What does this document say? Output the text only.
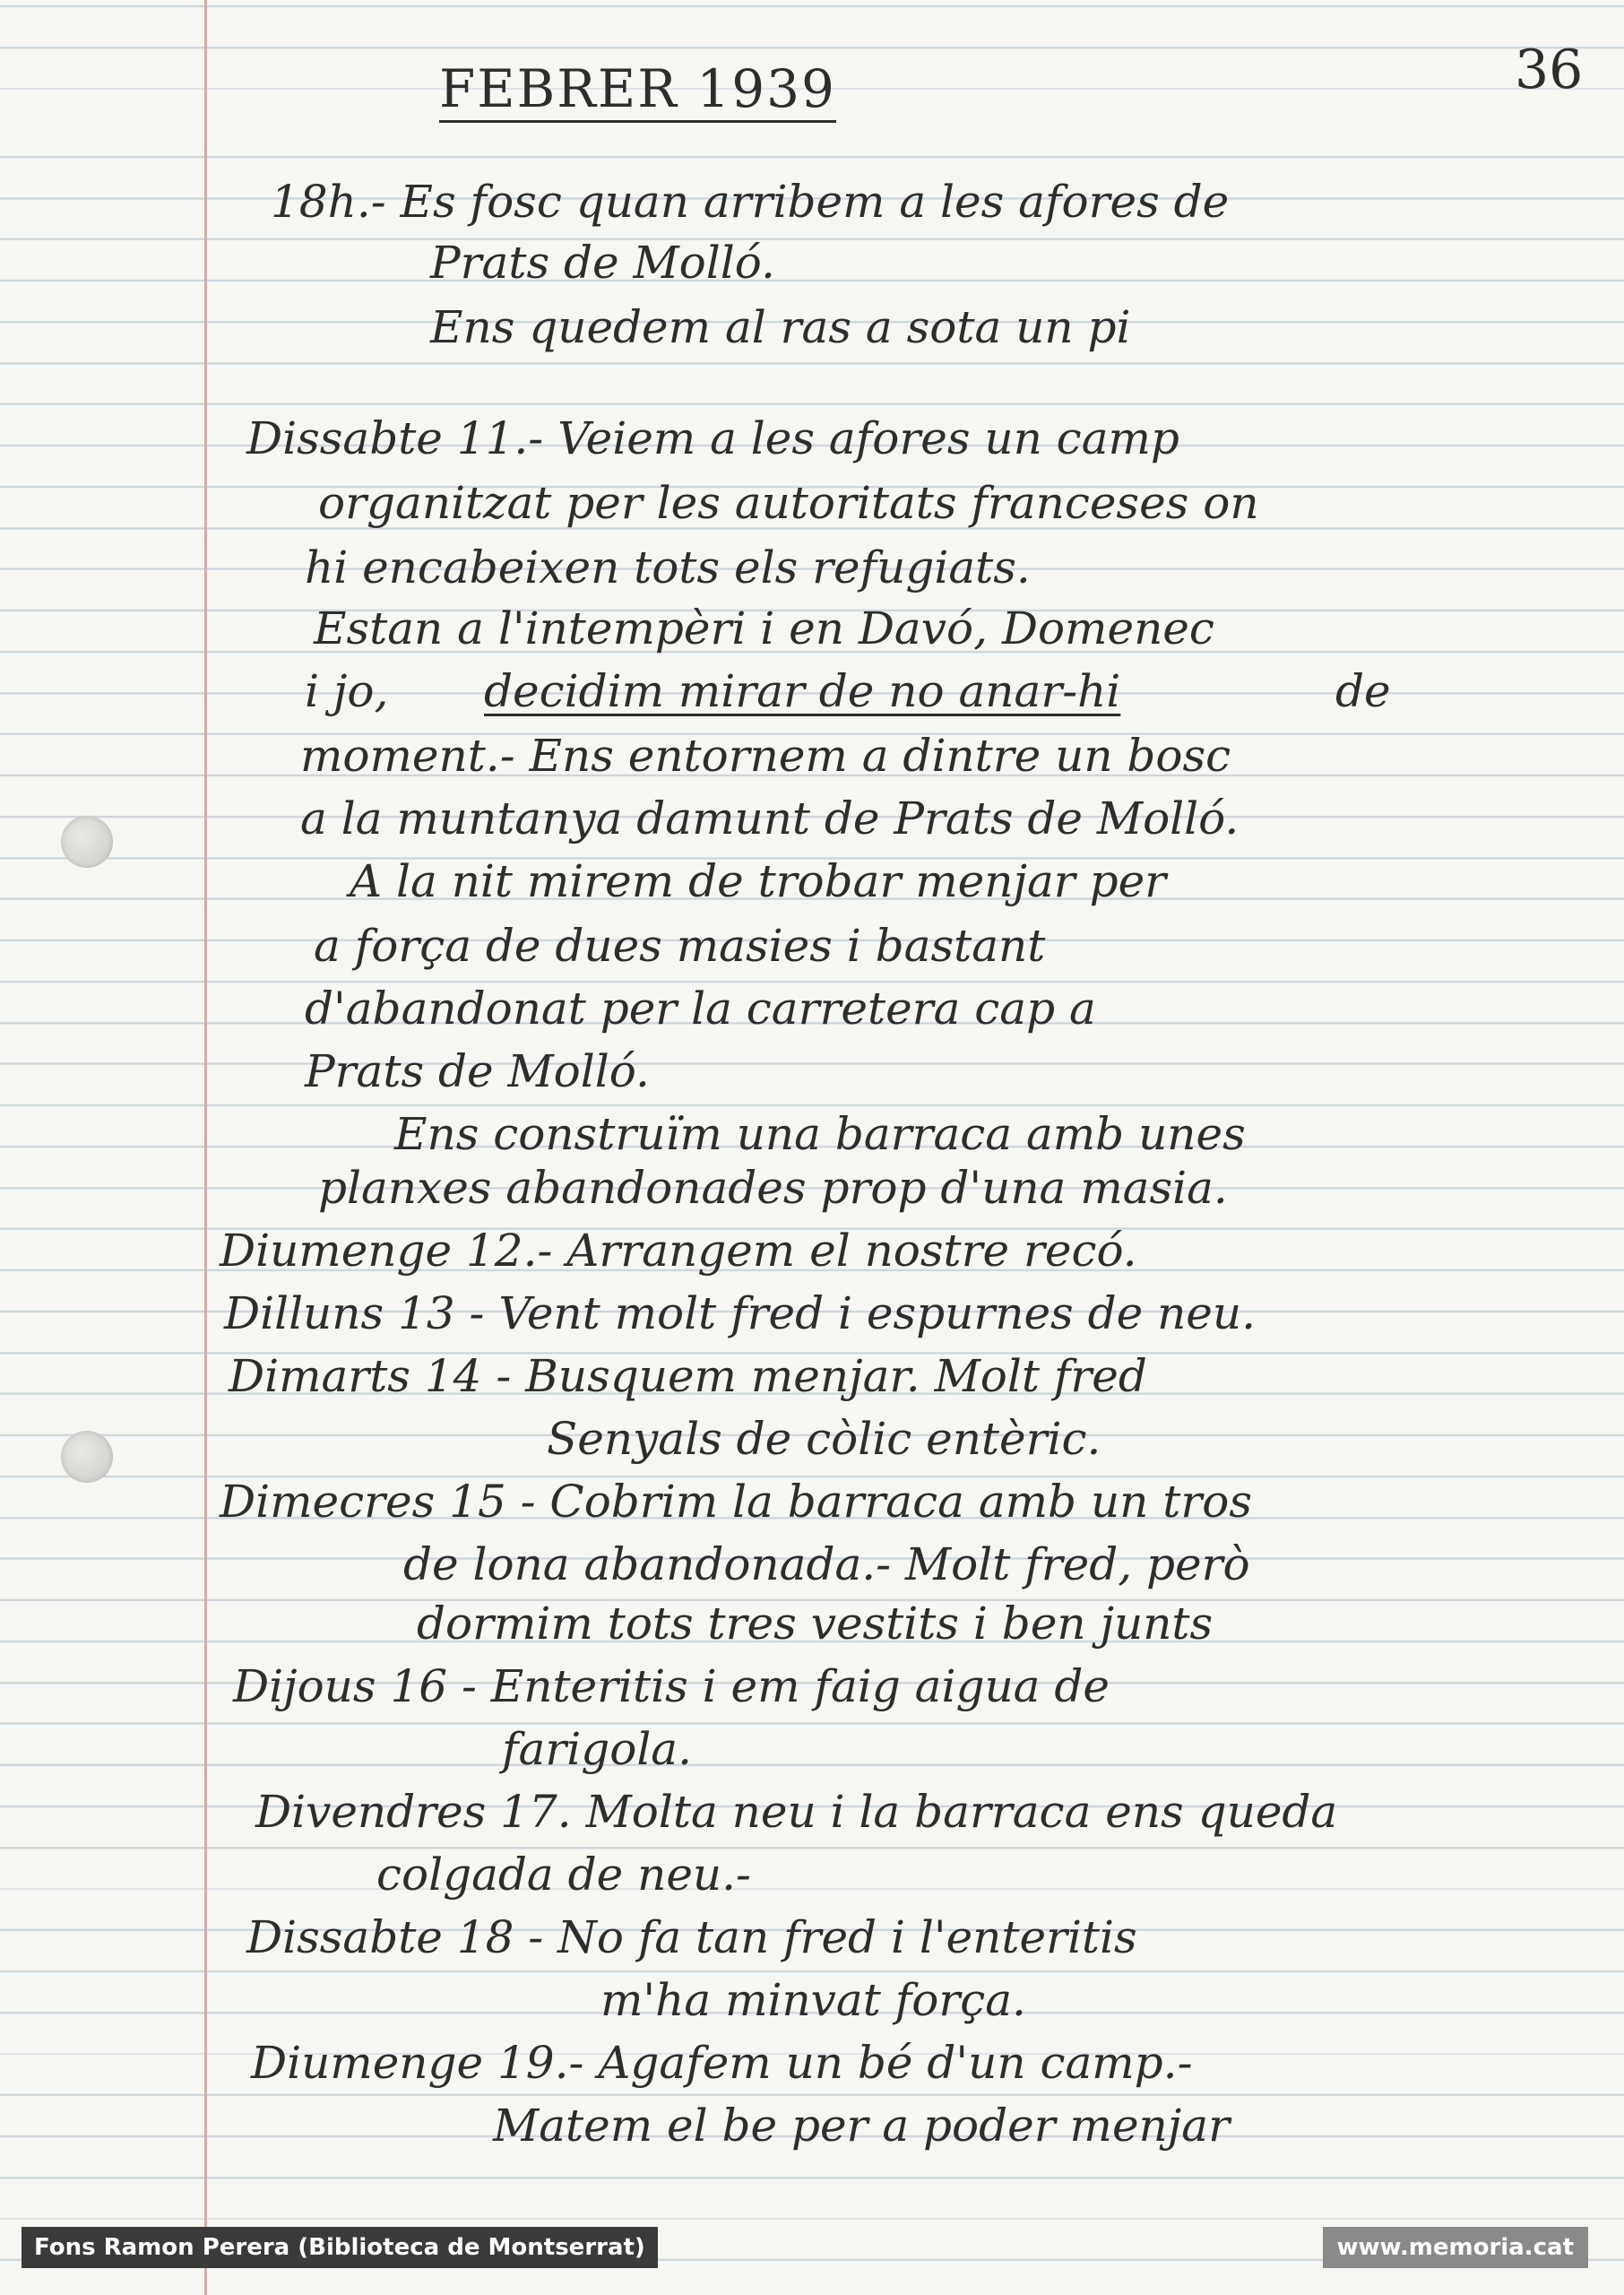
FEBRER 1939	36
18h.- Es fosc quan arribem a les afores de
Prats de Molló.
Ens quedem al ras a sota un pi
Dissabte 11.- Veiem a les afores un camp
organitzat per les autoritats franceses on
hi encabeixen tots els refugiats.
Estan a l'intempèri i en Davó, Domenec
i jo, decidim mirar de no anar-hi	de
moment.- Ens entornem a dintre un bosc
a la muntanya damunt de Prats de Molló.
A la nit mirem de trobar menjar per
a força de dues masies i bastant
d'abandonat per la carretera cap a
Prats de Molló.
Ens construïm una barraca amb unes
planxes abandonades prop d'una masia.
Diumenge 12.- Arrangem el nostre recó.
Dilluns 13 - Vent molt fred i espurnes de neu.
Dimarts 14 - Busquem menjar. Molt fred
Senyals de còlic entèric.
Dimecres 15 - Cobrim la barraca amb un tros
de lona abandonada.- Molt fred, però
dormim tots tres vestits i ben junts
Dijous 16 - Enteritis i em faig aigua de
farigola.
Divendres 17. Molta neu i la barraca ens queda
colgada de neu.-
Dissabte 18 - No fa tan fred i l'enteritis
m'ha minvat força.
Diumenge 19.- Agafem un bé d'un camp.-
Matem el be per a poder menjar
Fons Ramon Perera (Biblioteca de Montserrat)	www.memoria.cat
